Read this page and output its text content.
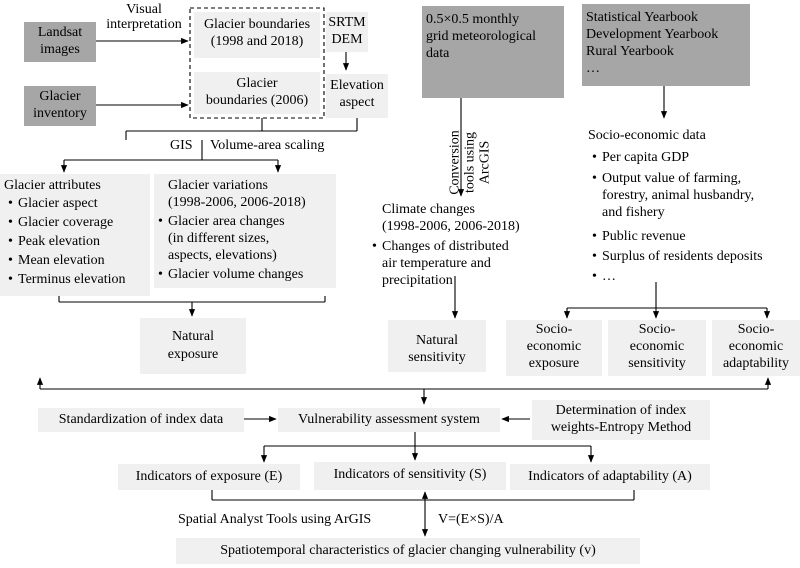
Landsat
images
Glacier
inventory
Visual
interpretation	Glacier boundaries
(1998 and 2018)
Glacier
boundaries (2006)
SRTM
DEM
Elevation
aspect
0.5×0.5 monthly
grid meteorological
data
Statistical Yearbook
Development Yearbook
Rural Yearbook
…
GIS Volume-area scaling	Conversion tools using ArcGIS
Glacier attributes
• Glacier aspect
• Glacier coverage
• Peak elevation
• Mean elevation
• Terminus elevation
Glacier variations
(1998-2006, 2006-2018)
• Glacier area changes
(in different sizes,
aspects, elevations)
• Glacier volume changes
Climate changes
(1998-2006, 2006-2018)
• Changes of distributed
air temperature and
precipitation
Socio-economic data
• Per capita GDP
• Output value of farming,
forestry, animal husbandry,
and fishery
• Public revenue
• Surplus of residents deposits
• …
Natural
exposure
Natural
sensitivity
Socio-
economic
exposure
Socio-
economic
sensitivity
Socio-
economic
adaptability
Standardization of index data	Vulnerability assessment system
Determination of index
weights-Entropy Method
Indicators of exposure (E)	Indicators of sensitivity (S)	Indicators of adaptability (A)
Spatial Analyst Tools using ArGIS	V=(E×S)/A
Spatiotemporal characteristics of glacier changing vulnerability (v)
